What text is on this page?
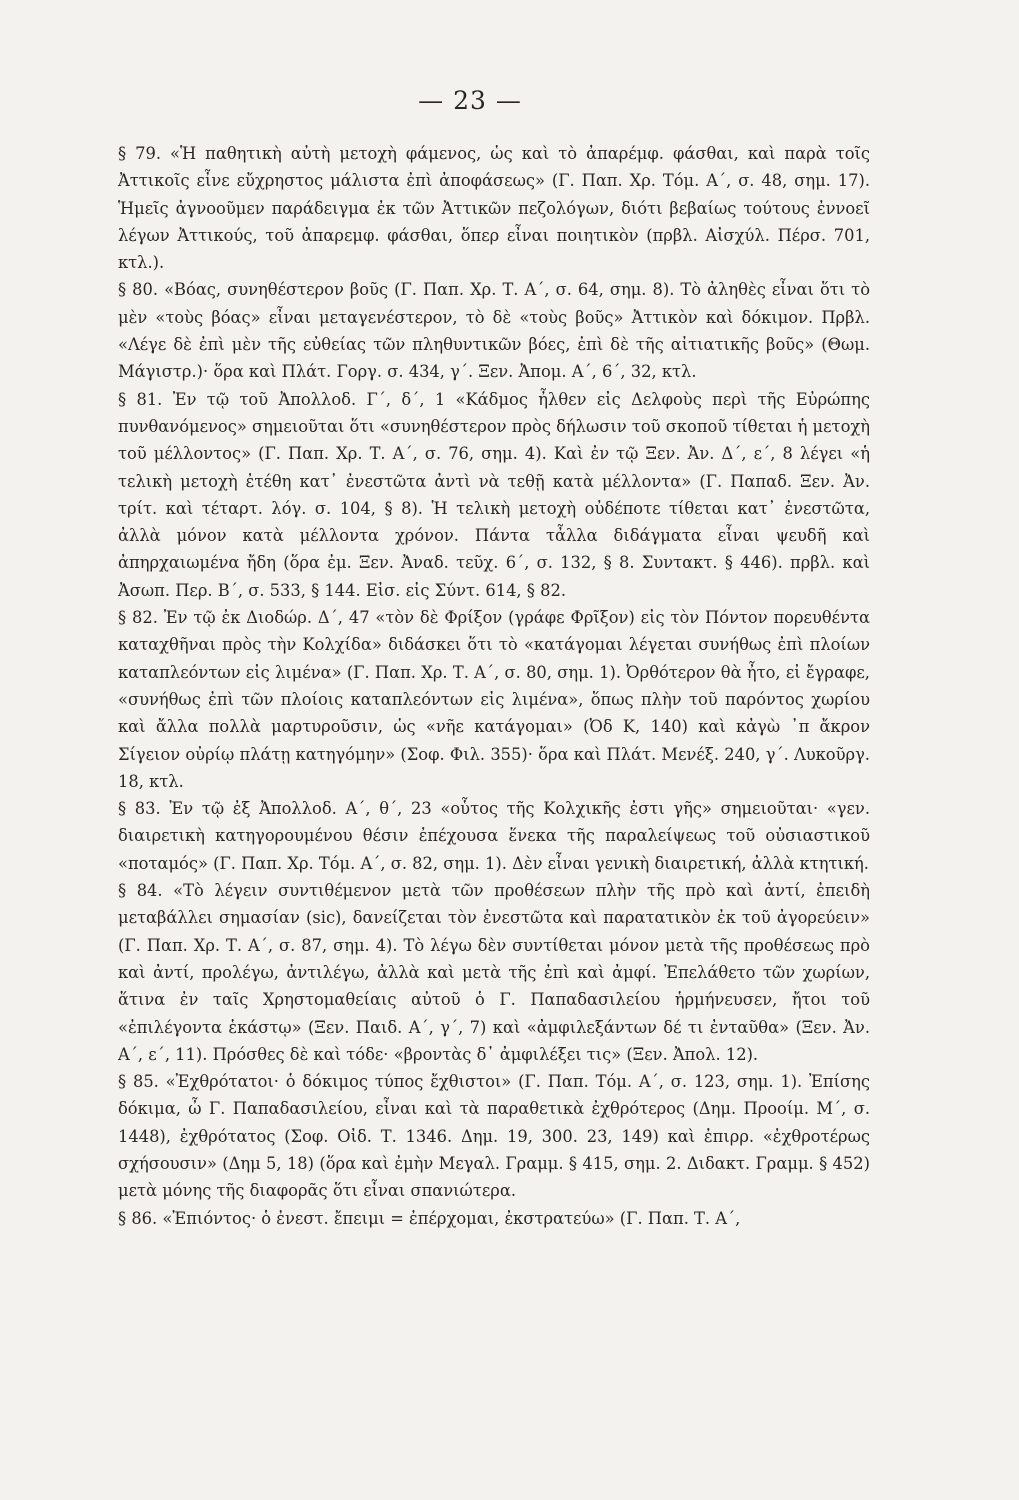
— 23 —

§ 79. «Ἡ παθητικὴ αὐτὴ μετοχὴ φάμενος, ὡς καὶ τὸ ἀπαρέμφ. φάσθαι, καὶ παρὰ τοῖς Ἀττικοῖς εἶνε εὔχρηστος μάλιστα ἐπὶ ἀποφάσεως» (Γ. Παπ. Χρ. Τόμ. Α΄, σ. 48, σημ. 17). Ἡμεῖς ἀγνοοῦμεν παράδειγμα ἐκ τῶν Ἀττικῶν πεζολόγων, διότι βεβαίως τούτους ἐννοεῖ λέγων Ἀττικούς, τοῦ ἀπαρεμφ. φάσθαι, ὅπερ εἶναι ποιητικὸν (πρβλ. Αἰσχύλ. Πέρσ. 701, κτλ.).

§ 80. «Βόας, συνηθέστερον βοῦς (Γ. Παπ. Χρ. Τ. Α΄, σ. 64, σημ. 8). Τὸ ἀληθὲς εἶναι ὅτι τὸ μὲν «τοὺς βόας» εἶναι μεταγενέστερον, τὸ δὲ «τοὺς βοῦς» Ἀττικὸν καὶ δόκιμον. Πρβλ. «Λέγε δὲ ἐπὶ μὲν τῆς εὐθείας τῶν πληθυντικῶν βόες, ἐπὶ δὲ τῆς αἰτιατικῆς βοῦς» (Θωμ. Μάγιστρ.)· ὅρα καὶ Πλάτ. Γοργ. σ. 434, γ΄. Ξεν. Ἀπομ. Α΄, 6΄, 32, κτλ.

§ 81. Ἐν τῷ τοῦ Ἀπολλοδ. Γ΄, δ΄, 1 «Κάδμος ἦλθεν εἰς Δελφοὺς περὶ τῆς Εὐρώπης πυνθανόμενος» σημειοῦται ὅτι «συνηθέστερον πρὸς δήλωσιν τοῦ σκοποῦ τίθεται ἡ μετοχὴ τοῦ μέλλοντος» (Γ. Παπ. Χρ. Τ. Α΄, σ. 76, σημ. 4). Καὶ ἐν τῷ Ξεν. Ἀν. Δ΄, ε΄, 8 λέγει «ἡ τελικὴ μετοχὴ ἐτέθη κατ᾽ ἐνεστῶτα ἀντὶ νὰ τεθῇ κατὰ μέλλοντα» (Γ. Παπαδ. Ξεν. Ἀν. τρίτ. καὶ τέταρτ. λόγ. σ. 104, § 8). Ἡ τελικὴ μετοχὴ οὐδέποτε τίθεται κατ᾽ ἐνεστῶτα, ἀλλὰ μόνον κατὰ μέλλοντα χρόνον. Πάντα τἆλλα διδάγματα εἶναι ψευδῆ καὶ ἀπηρχαιωμένα ἤδη (ὅρα ἐμ. Ξεν. Ἀναδ. τεῦχ. 6΄, σ. 132, § 8. Συντακτ. § 446). πρβλ. καὶ Ἀσωπ. Περ. Β΄, σ. 533, § 144. Εἰσ. εἰς Σύντ. 614, § 82.

§ 82. Ἐν τῷ ἐκ Διοδώρ. Δ΄, 47 «τὸν δὲ Φρίξον (γράφε Φρῖξον) εἰς τὸν Πόντον πορευθέντα καταχθῆναι πρὸς τὴν Κολχίδα» διδάσκει ὅτι τὸ «κατάγομαι λέγεται συνήθως ἐπὶ πλοίων καταπλεόντων εἰς λιμένα» (Γ. Παπ. Χρ. Τ. Α΄, σ. 80, σημ. 1). Ὀρθότερον θὰ ἦτο, εἰ ἔγραφε, «συνήθως ἐπὶ τῶν πλοίοις καταπλεόντων εἰς λιμένα», ὅπως πλὴν τοῦ παρόντος χωρίου καὶ ἄλλα πολλὰ μαρτυροῦσιν, ὡς «νῆε κατάγομαι» (Ὀδ Κ, 140) καὶ κἀγὼ ᾽π ἄκρον Σίγειον οὐρίῳ πλάτῃ κατηγόμην» (Σοφ. Φιλ. 355)· ὅρα καὶ Πλάτ. Μενέξ. 240, γ΄. Λυκοῦργ. 18, κτλ.

§ 83. Ἐν τῷ ἐξ Ἀπολλοδ. Α΄, θ΄, 23 «οὗτος τῆς Κολχικῆς ἐστι γῆς» σημειοῦται· «γεν. διαιρετικὴ κατηγορουμένου θέσιν ἐπέχουσα ἕνεκα τῆς παραλείψεως τοῦ οὐσιαστικοῦ «ποταμός» (Γ. Παπ. Χρ. Τόμ. Α΄, σ. 82, σημ. 1). Δὲν εἶναι γενικὴ διαιρετική, ἀλλὰ κτητική.

§ 84. «Τὸ λέγειν συντιθέμενον μετὰ τῶν προθέσεων πλὴν τῆς πρὸ καὶ ἀντί, ἐπειδὴ μεταβάλλει σημασίαν (sic), δανείζεται τὸν ἐνεστῶτα καὶ παρατατικὸν ἐκ τοῦ ἀγορεύειν» (Γ. Παπ. Χρ. Τ. Α΄, σ. 87, σημ. 4). Τὸ λέγω δὲν συντίθεται μόνον μετὰ τῆς προθέσεως πρὸ καὶ ἀντί, προλέγω, ἀντιλέγω, ἀλλὰ καὶ μετὰ τῆς ἐπὶ καὶ ἀμφί. Ἐπελάθετο τῶν χωρίων, ἅτινα ἐν ταῖς Χρηστομαθείαις αὐτοῦ ὁ Γ. Παπαδασιλείου ἡρμήνευσεν, ἤτοι τοῦ «ἐπιλέγοντα ἑκάστῳ» (Ξεν. Παιδ. Α΄, γ΄, 7) καὶ «ἀμφιλεξάντων δέ τι ἐνταῦθα» (Ξεν. Ἀν. Α΄, ε΄, 11). Πρόσθες δὲ καὶ τόδε· «βροντὰς δ᾽ ἀμφιλέξει τις» (Ξεν. Ἀπολ. 12).

§ 85. «Ἐχθρότατοι· ὁ δόκιμος τύπος ἔχθιστοι» (Γ. Παπ. Τόμ. Α΄, σ. 123, σημ. 1). Ἐπίσης δόκιμα, ὦ Γ. Παπαδασιλείου, εἶναι καὶ τὰ παραθετικὰ ἐχθρότερος (Δημ. Προοίμ. Μ΄, σ. 1448), ἐχθρότατος (Σοφ. Οἰδ. Τ. 1346. Δημ. 19, 300. 23, 149) καὶ ἐπιρρ. «ἐχθροτέρως σχήσουσιν» (Δημ 5, 18) (ὅρα καὶ ἐμὴν Μεγαλ. Γραμμ. § 415, σημ. 2. Διδακτ. Γραμμ. § 452) μετὰ μόνης τῆς διαφορᾶς ὅτι εἶναι σπανιώτερα.

§ 86. «Ἐπιόντος· ὁ ἐνεστ. ἔπειμι = ἐπέρχομαι, ἐκστρατεύω» (Γ. Παπ. Τ. Α΄,
